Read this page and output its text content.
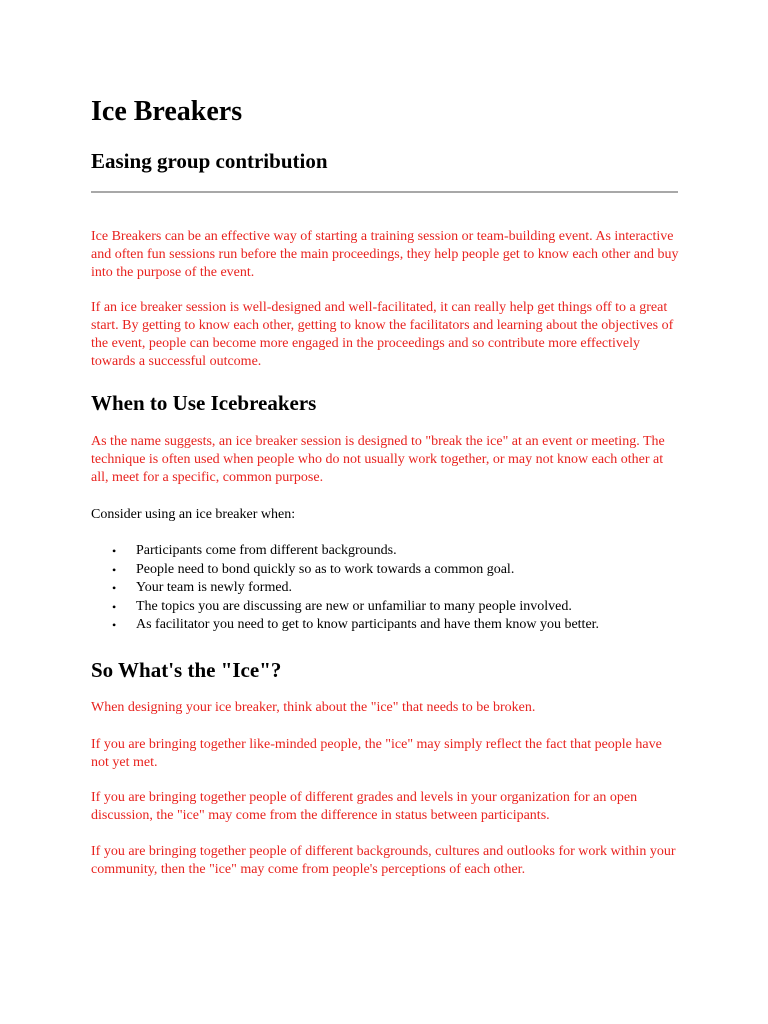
Ice Breakers
Easing group contribution

Ice Breakers can be an effective way of starting a training session or team-building event. As interactive and often fun sessions run before the main proceedings, they help people get to know each other and buy into the purpose of the event.

If an ice breaker session is well-designed and well-facilitated, it can really help get things off to a great start. By getting to know each other, getting to know the facilitators and learning about the objectives of the event, people can become more engaged in the proceedings and so contribute more effectively towards a successful outcome.

When to Use Icebreakers

As the name suggests, an ice breaker session is designed to "break the ice" at an event or meeting. The technique is often used when people who do not usually work together, or may not know each other at all, meet for a specific, common purpose.

Consider using an ice breaker when:

• Participants come from different backgrounds.
• People need to bond quickly so as to work towards a common goal.
• Your team is newly formed.
• The topics you are discussing are new or unfamiliar to many people involved.
• As facilitator you need to get to know participants and have them know you better.
So What's the "Ice"?

When designing your ice breaker, think about the "ice" that needs to be broken.

If you are bringing together like-minded people, the "ice" may simply reflect the fact that people have not yet met.

If you are bringing together people of different grades and levels in your organization for an open discussion, the "ice" may come from the difference in status between participants.

If you are bringing together people of different backgrounds, cultures and outlooks for work within your community, then the "ice" may come from people's perceptions of each other.
